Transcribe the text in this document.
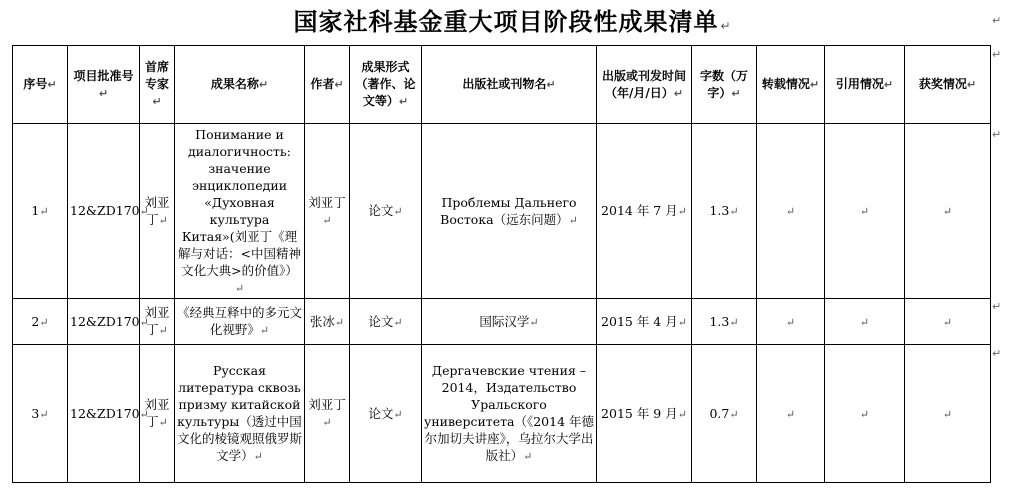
国家社科基金重大项目阶段性成果清单 ↵	↵
↵
↵
↵
↵
序号↵	项目批准号↵	首席专家↵	成果名称↵	作者↵	成果形式（著作、论文等）↵	出版社或刊物名↵	出版或刊发时间（年/月/日）↵	字数（万字）↵	转载情况↵	引用情况↵	获奖情况↵
1↵	12&ZD170↵	刘亚丁↵	Понимание и диалогичность: значение энциклопедии «Духовная культура Китая»(刘亚丁《理解与对话：<中国精神文化大典>的价值》）↵	刘亚丁↵	论文↵	Проблемы Дальнего Востока（远东问题）↵	2014 年 7 月↵	1.3↵	↵	↵	↵
2↵	12&ZD170↵	刘亚丁↵	《经典互释中的多元文化视野》↵	张冰↵	论文↵	国际汉学↵	2015 年 4 月↵	1.3↵	↵	↵	↵
3↵	12&ZD170↵	刘亚丁↵	Русская литература сквозь призму китайской культуры（透过中国文化的棱镜观照俄罗斯文学）↵	刘亚丁↵	论文↵	Дергачевские чтения – 2014，Издательство Уральского университета（《2014 年德尔加切夫讲座》，乌拉尔大学出版社）↵	2015 年 9 月↵	0.7↵	↵	↵	↵
